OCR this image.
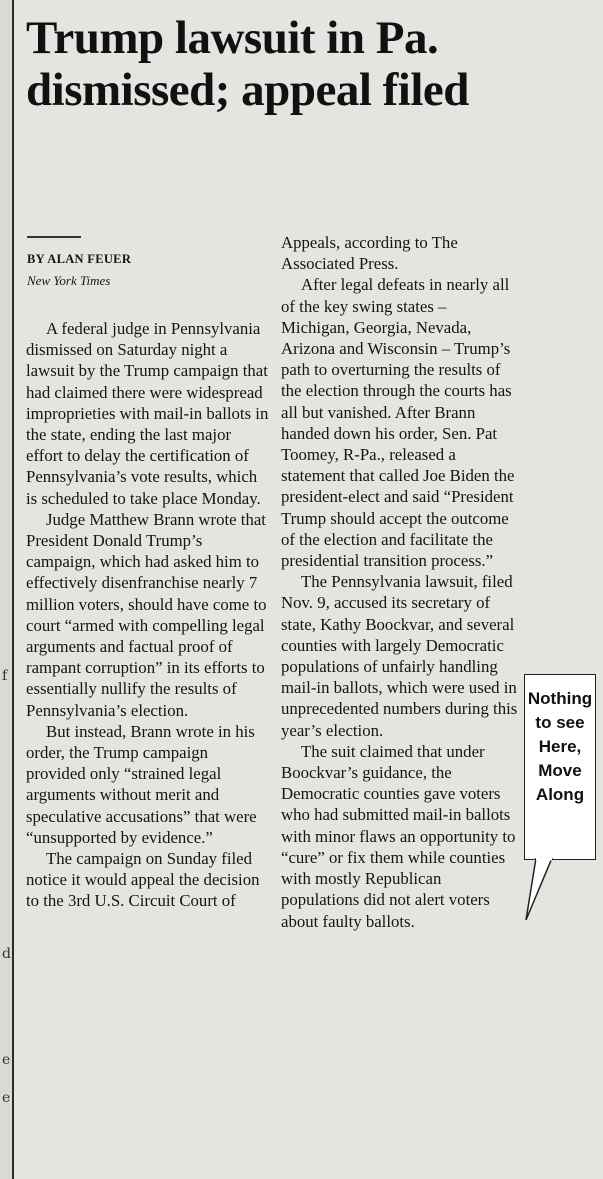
f
d
e
e
Trump lawsuit in Pa. dismissed; appeal filed
BY ALAN FEUER
New York Times

A federal judge in Pennsylvania dismissed on Saturday night a lawsuit by the Trump campaign that had claimed there were widespread improprieties with mail-in ballots in the state, ending the last major effort to delay the certification of Pennsylvania’s vote results, which is scheduled to take place Monday.

Judge Matthew Brann wrote that President Donald Trump’s campaign, which had asked him to effectively disenfranchise nearly 7 million voters, should have come to court “armed with compelling legal arguments and factual proof of rampant corruption” in its efforts to essentially nullify the results of Pennsylvania’s election.

But instead, Brann wrote in his order, the Trump campaign provided only “strained legal arguments without merit and speculative accusations” that were “unsupported by evidence.”

The campaign on Sunday filed notice it would appeal the decision to the 3rd U.S. Circuit Court of

Appeals, according to The Associated Press.

After legal defeats in nearly all of the key swing states – Michigan, Georgia, Nevada, Arizona and Wisconsin – Trump’s path to overturning the results of the election through the courts has all but vanished. After Brann handed down his order, Sen. Pat Toomey, R-Pa., released a statement that called Joe Biden the president-elect and said “President Trump should accept the outcome of the election and facilitate the presidential transition process.”

The Pennsylvania lawsuit, filed Nov. 9, accused its secretary of state, Kathy Boockvar, and several counties with largely Democratic populations of unfairly handling mail-in ballots, which were used in unprecedented numbers during this year’s election.

The suit claimed that under Boockvar’s guidance, the Democratic counties gave voters who had submitted mail-in ballots with minor flaws an opportunity to “cure” or fix them while counties with mostly Republican populations did not alert voters about faulty ballots.

Nothing
to see
Here,
Move
Along
